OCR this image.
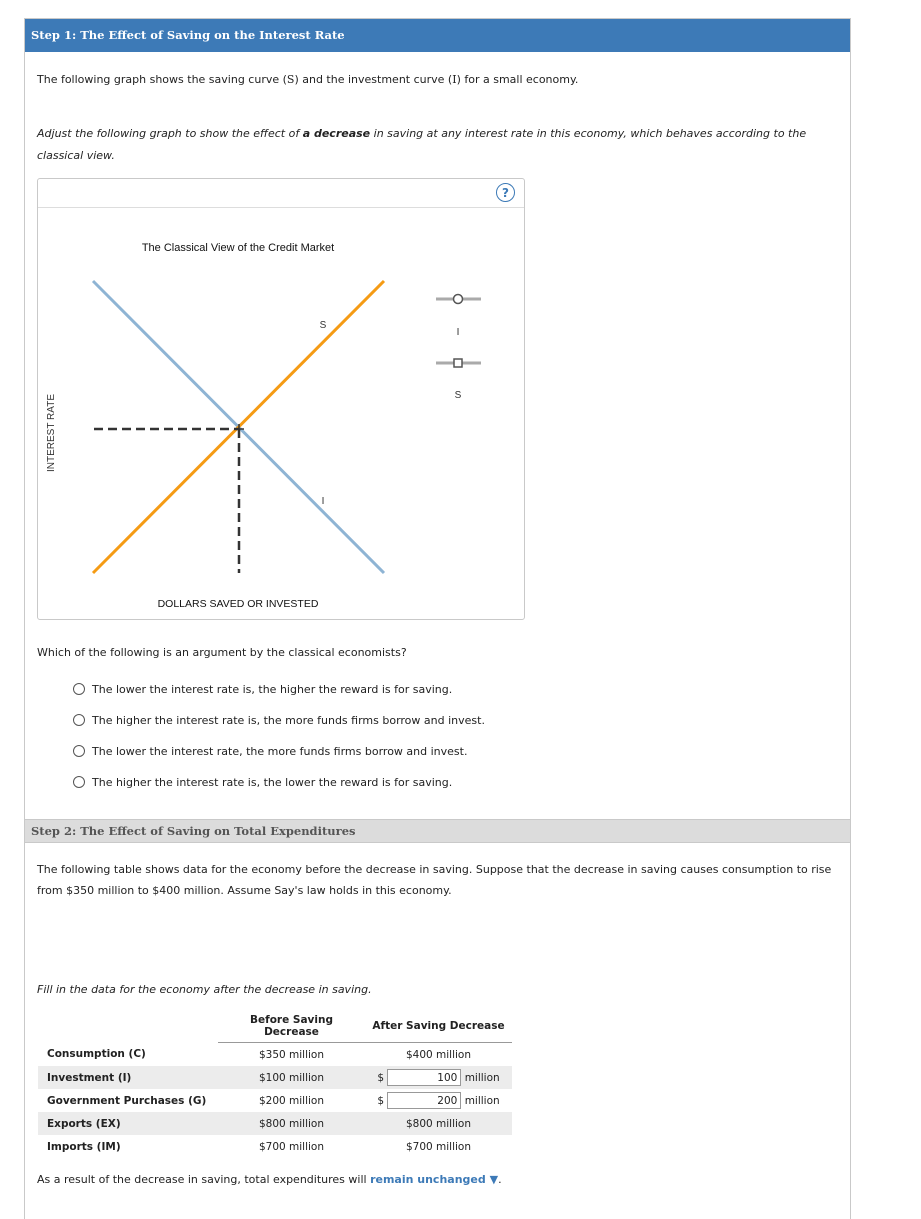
Step 1: The Effect of Saving on the Interest Rate
The following graph shows the saving curve (S) and the investment curve (I) for a small economy.
Adjust the following graph to show the effect of a decrease in saving at any interest rate in this economy, which behaves according to the
classical view.
?
The Classical View of the Credit Market
INTEREST RATE
DOLLARS SAVED OR INVESTED
S
I
I
S
Which of the following is an argument by the classical economists?
The lower the interest rate is, the higher the reward is for saving.
The higher the interest rate is, the more funds firms borrow and invest.
The lower the interest rate, the more funds firms borrow and invest.
The higher the interest rate is, the lower the reward is for saving.
Step 2: The Effect of Saving on Total Expenditures
The following table shows data for the economy before the decrease in saving. Suppose that the decrease in saving causes consumption to rise
from $350 million to $400 million. Assume Say's law holds in this economy.
Fill in the data for the economy after the decrease in saving.
	Before Saving Decrease	After Saving Decrease
Consumption (C)	$350 million	$400 million
Investment (I)	$100 million	$ 100 million
Government Purchases (G)	$200 million	$ 200 million
Exports (EX)	$800 million	$800 million
Imports (IM)	$700 million	$700 million
As a result of the decrease in saving, total expenditures will remain unchanged ▼.
